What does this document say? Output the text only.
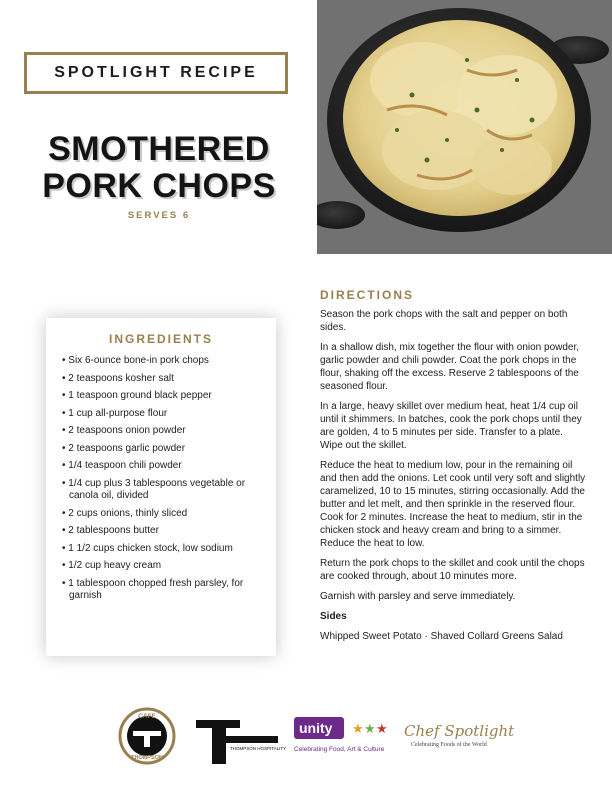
SPOTLIGHT RECIPE
SMOTHERED
PORK CHOPS
SERVES 6
INGREDIENTS
• Six 6-ounce bone-in pork chops
• 2 teaspoons kosher salt
• 1 teaspoon ground black pepper
• 1 cup all-purpose flour
• 2 teaspoons onion powder
• 2 teaspoons garlic powder
• 1/4 teaspoon chili powder
• 1/4 cup plus 3 tablespoons vegetable or canola oil, divided
• 2 cups onions, thinly sliced
• 2 tablespoons butter
• 1 1/2 cups chicken stock, low sodium
• 1/2 cup heavy cream
• 1 tablespoon chopped fresh parsley, for garnish
DIRECTIONS

Season the pork chops with the salt and pepper on both sides.

In a shallow dish, mix together the flour with onion powder, garlic powder and chili powder. Coat the pork chops in the flour, shaking off the excess. Reserve 2 tablespoons of the seasoned flour.

In a large, heavy skillet over medium heat, heat 1/4 cup oil until it shimmers. In batches, cook the pork chops until they are golden, 4 to 5 minutes per side. Transfer to a plate. Wipe out the skillet.

Reduce the heat to medium low, pour in the remaining oil and then add the onions. Let cook until very soft and slightly caramelized, 10 to 15 minutes, stirring occasionally. Add the butter and let melt, and then sprinkle in the reserved flour. Cook for 2 minutes. Increase the heat to medium, stir in the chicken stock and heavy cream and bring to a simmer. Reduce the heat to low.

Return the pork chops to the skillet and cook until the chops are cooked through, about 10 minutes more.

Garnish with parsley and serve immediately.

Sides

Whipped Sweet Potato · Shaved Collard Greens Salad

CAFE
THOMPSON
THOMPSON HOSPITALITY
unity ★ ★ ★
Celebrating Food, Art & Culture
Chef Spotlight
Celebrating Foods of the World
